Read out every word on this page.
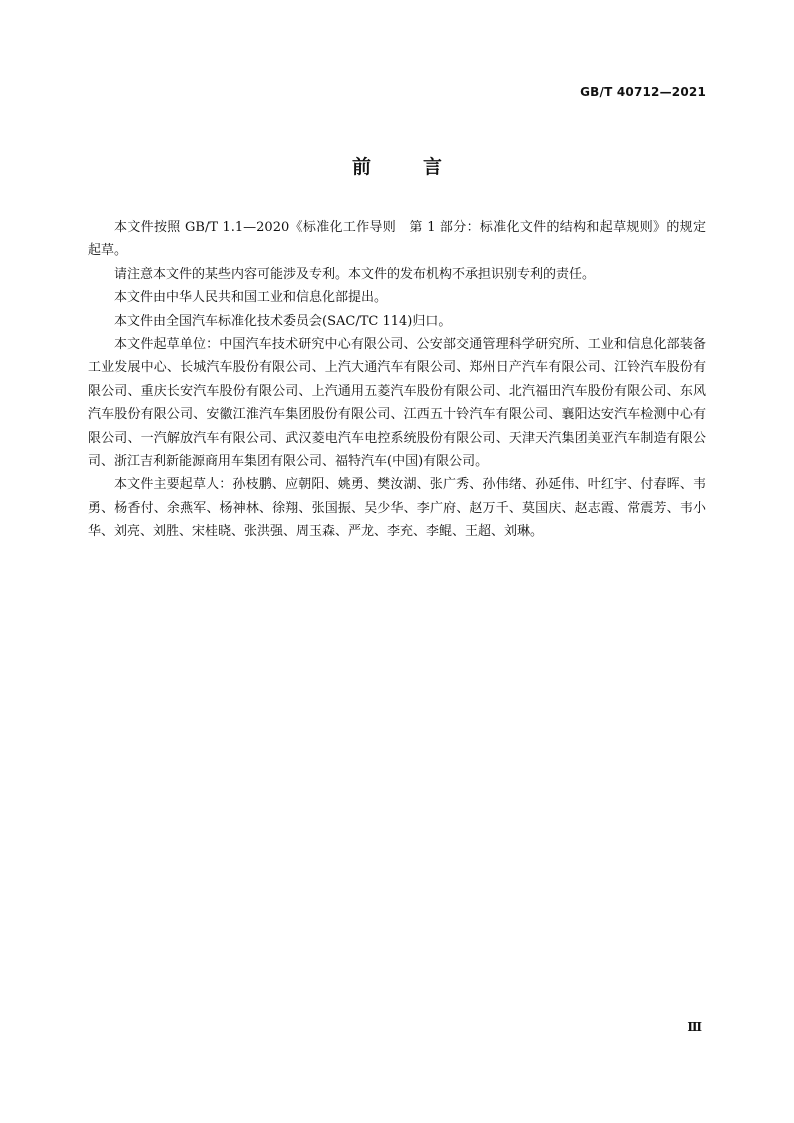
GB/T 40712—2021
前言

本文件按照 GB/T 1.1—2020《标准化工作导则　第 1 部分：标准化文件的结构和起草规则》的规定起草。

请注意本文件的某些内容可能涉及专利。本文件的发布机构不承担识别专利的责任。

本文件由中华人民共和国工业和信息化部提出。

本文件由全国汽车标准化技术委员会(SAC/TC 114)归口。

本文件起草单位：中国汽车技术研究中心有限公司、公安部交通管理科学研究所、工业和信息化部装备工业发展中心、长城汽车股份有限公司、上汽大通汽车有限公司、郑州日产汽车有限公司、江铃汽车股份有限公司、重庆长安汽车股份有限公司、上汽通用五菱汽车股份有限公司、北汽福田汽车股份有限公司、东风汽车股份有限公司、安徽江淮汽车集团股份有限公司、江西五十铃汽车有限公司、襄阳达安汽车检测中心有限公司、一汽解放汽车有限公司、武汉菱电汽车电控系统股份有限公司、天津天汽集团美亚汽车制造有限公司、浙江吉利新能源商用车集团有限公司、福特汽车(中国)有限公司。

本文件主要起草人：孙枝鹏、应朝阳、姚勇、樊汝湖、张广秀、孙伟绪、孙延伟、叶红宇、付春晖、韦勇、杨香付、余燕军、杨神林、徐翔、张国振、吴少华、李广府、赵万千、莫国庆、赵志霞、常震芳、韦小华、刘亮、刘胜、宋桂晓、张洪强、周玉森、严龙、李充、李鲲、王超、刘琳。

Ⅲ
